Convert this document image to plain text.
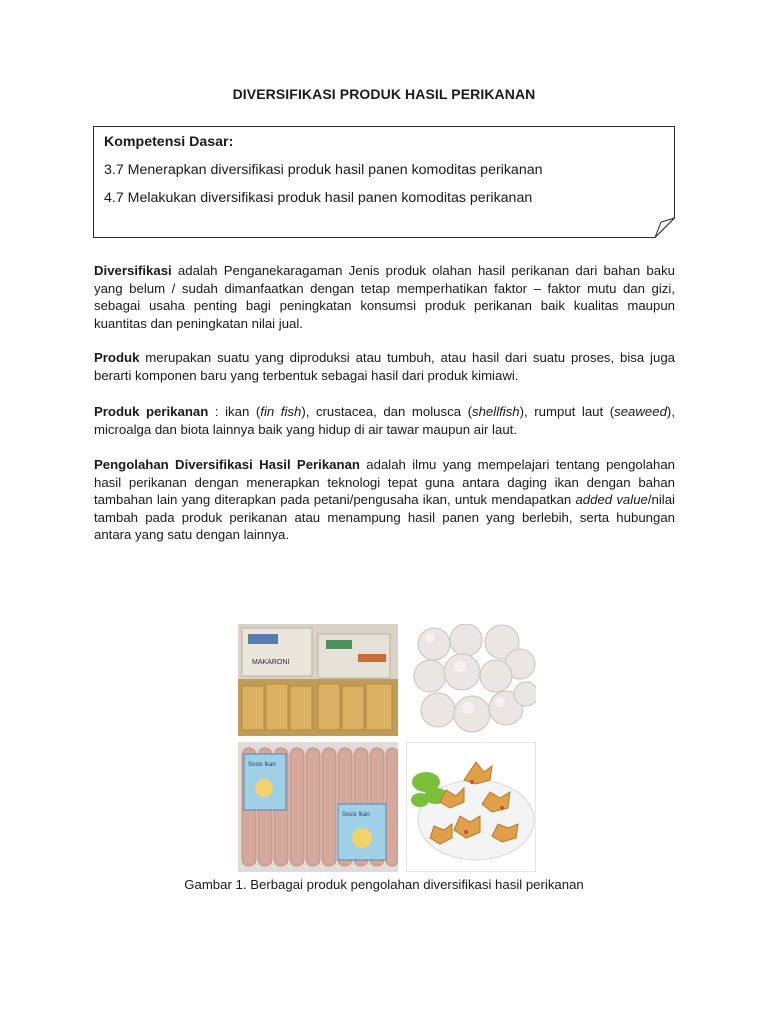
DIVERSIFIKASI PRODUK HASIL PERIKANAN
Kompetensi Dasar:
3.7 Menerapkan diversifikasi produk hasil panen komoditas perikanan
4.7 Melakukan diversifikasi produk hasil panen komoditas perikanan

Diversifikasi adalah Penganekaragaman Jenis produk olahan hasil perikanan dari bahan baku yang belum / sudah dimanfaatkan dengan tetap memperhatikan faktor – faktor mutu dan gizi, sebagai usaha penting bagi peningkatan konsumsi produk perikanan baik kualitas maupun kuantitas dan peningkatan nilai jual.

Produk merupakan suatu yang diproduksi atau tumbuh, atau hasil dari suatu proses, bisa juga berarti komponen baru yang terbentuk sebagai hasil dari produk kimiawi.

Produk perikanan : ikan (fin fish), crustacea, dan molusca (shellfish), rumput laut (seaweed), microalga dan biota lainnya baik yang hidup di air tawar maupun air laut.

Pengolahan Diversifikasi Hasil Perikanan adalah ilmu yang mempelajari tentang pengolahan hasil perikanan dengan menerapkan teknologi tepat guna antara daging ikan dengan bahan tambahan lain yang diterapkan pada petani/pengusaha ikan, untuk mendapatkan added value/nilai tambah pada produk perikanan atau menampung hasil panen yang berlebih, serta hubungan antara yang satu dengan lainnya.

MAKARONI
Sosis Ikan
Sosis Ikan
Gambar 1. Berbagai produk pengolahan diversifikasi hasil perikanan
